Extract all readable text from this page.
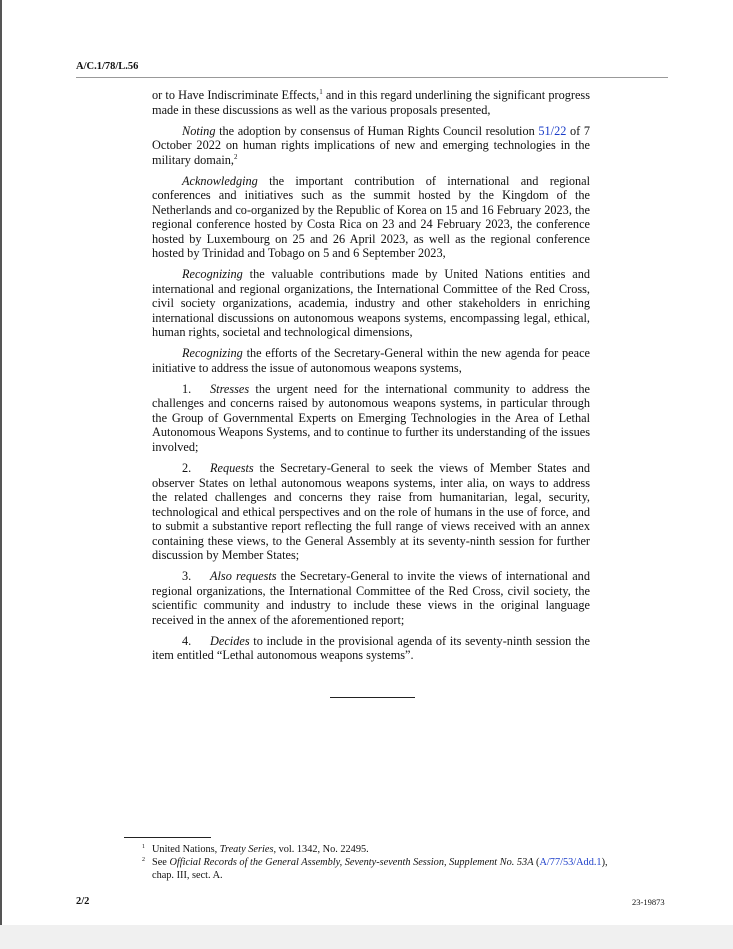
A/C.1/78/L.56

or to Have Indiscriminate Effects,$^1$ and in this regard underlining the significant progress made in these discussions as well as the various proposals presented,

Noting the adoption by consensus of Human Rights Council resolution 51/22 of 7 October 2022 on human rights implications of new and emerging technologies in the military domain,$^2$

Acknowledging the important contribution of international and regional conferences and initiatives such as the summit hosted by the Kingdom of the Netherlands and co-organized by the Republic of Korea on 15 and 16 February 2023, the regional conference hosted by Costa Rica on 23 and 24 February 2023, the conference hosted by Luxembourg on 25 and 26 April 2023, as well as the regional conference hosted by Trinidad and Tobago on 5 and 6 September 2023,

Recognizing the valuable contributions made by United Nations entities and international and regional organizations, the International Committee of the Red Cross, civil society organizations, academia, industry and other stakeholders in enriching international discussions on autonomous weapons systems, encompassing legal, ethical, human rights, societal and technological dimensions,

Recognizing the efforts of the Secretary-General within the new agenda for peace initiative to address the issue of autonomous weapons systems,

1. Stresses the urgent need for the international community to address the challenges and concerns raised by autonomous weapons systems, in particular through the Group of Governmental Experts on Emerging Technologies in the Area of Lethal Autonomous Weapons Systems, and to continue to further its understanding of the issues involved;

2. Requests the Secretary-General to seek the views of Member States and observer States on lethal autonomous weapons systems, inter alia, on ways to address the related challenges and concerns they raise from humanitarian, legal, security, technological and ethical perspectives and on the role of humans in the use of force, and to submit a substantive report reflecting the full range of views received with an annex containing these views, to the General Assembly at its seventy-ninth session for further discussion by Member States;

3. Also requests the Secretary-General to invite the views of international and regional organizations, the International Committee of the Red Cross, civil society, the scientific community and industry to include these views in the original language received in the annex of the aforementioned report;

4. Decides to include in the provisional agenda of its seventy-ninth session the item entitled “Lethal autonomous weapons systems”.

$^1$ United Nations, Treaty Series, vol. 1342, No. 22495.
$^2$ See Official Records of the General Assembly, Seventy-seventh Session, Supplement No. 53A (A/77/53/Add.1), chap. III, sect. A.
2/2	23-19873
